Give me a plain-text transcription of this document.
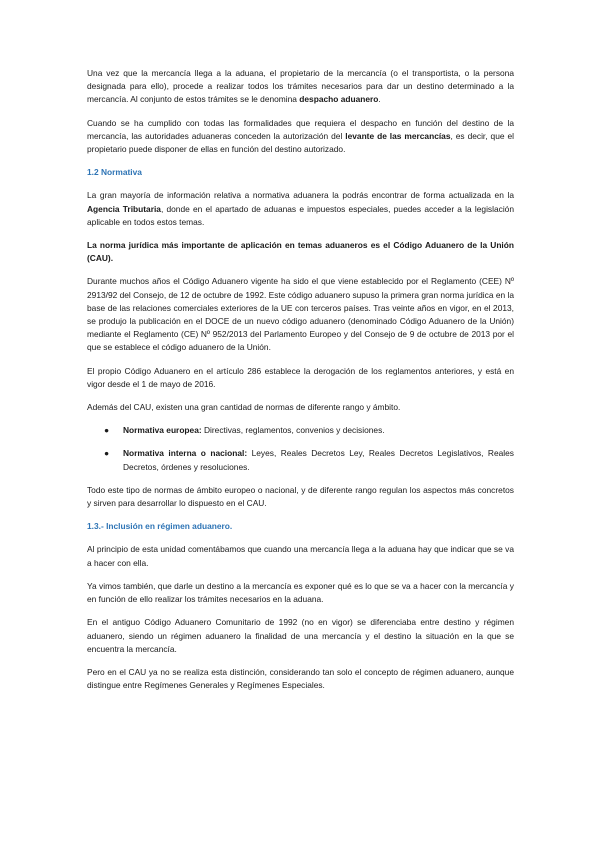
Una vez que la mercancía llega a la aduana, el propietario de la mercancía (o el transportista, o la persona designada para ello), procede a realizar todos los trámites necesarios para dar un destino determinado a la mercancía. Al conjunto de estos trámites se le denomina despacho aduanero.

Cuando se ha cumplido con todas las formalidades que requiera el despacho en función del destino de la mercancía, las autoridades aduaneras conceden la autorización del levante de las mercancías, es decir, que el propietario puede disponer de ellas en función del destino autorizado.

1.2 Normativa

La gran mayoría de información relativa a normativa aduanera la podrás encontrar de forma actualizada en la Agencia Tributaria, donde en el apartado de aduanas e impuestos especiales, puedes acceder a la legislación aplicable en todos estos temas.

La norma jurídica más importante de aplicación en temas aduaneros es el Código Aduanero de la Unión (CAU).

Durante muchos años el Código Aduanero vigente ha sido el que viene establecido por el Reglamento (CEE) Nº 2913/92 del Consejo, de 12 de octubre de 1992. Este código aduanero supuso la primera gran norma jurídica en la base de las relaciones comerciales exteriores de la UE con terceros países. Tras veinte años en vigor, en el 2013, se produjo la publicación en el DOCE de un nuevo código aduanero (denominado Código Aduanero de la Unión) mediante el Reglamento (CE) Nº 952/2013 del Parlamento Europeo y del Consejo de 9 de octubre de 2013 por el que se establece el código aduanero de la Unión.

El propio Código Aduanero en el artículo 286 establece la derogación de los reglamentos anteriores, y está en vigor desde el 1 de mayo de 2016.

Además del CAU, existen una gran cantidad de normas de diferente rango y ámbito.

● Normativa europea: Directivas, reglamentos, convenios y decisiones.
● Normativa interna o nacional: Leyes, Reales Decretos Ley, Reales Decretos Legislativos, Reales Decretos, órdenes y resoluciones.

Todo este tipo de normas de ámbito europeo o nacional, y de diferente rango regulan los aspectos más concretos y sirven para desarrollar lo dispuesto en el CAU.

1.3.- Inclusión en régimen aduanero.

Al principio de esta unidad comentábamos que cuando una mercancía llega a la aduana hay que indicar que se va a hacer con ella.

Ya vimos también, que darle un destino a la mercancía es exponer qué es lo que se va a hacer con la mercancía y en función de ello realizar los trámites necesarios en la aduana.

En el antiguo Código Aduanero Comunitario de 1992 (no en vigor) se diferenciaba entre destino y régimen aduanero, siendo un régimen aduanero la finalidad de una mercancía y el destino la situación en la que se encuentra la mercancía.

Pero en el CAU ya no se realiza esta distinción, considerando tan solo el concepto de régimen aduanero, aunque distingue entre Regímenes Generales y Regímenes Especiales.
